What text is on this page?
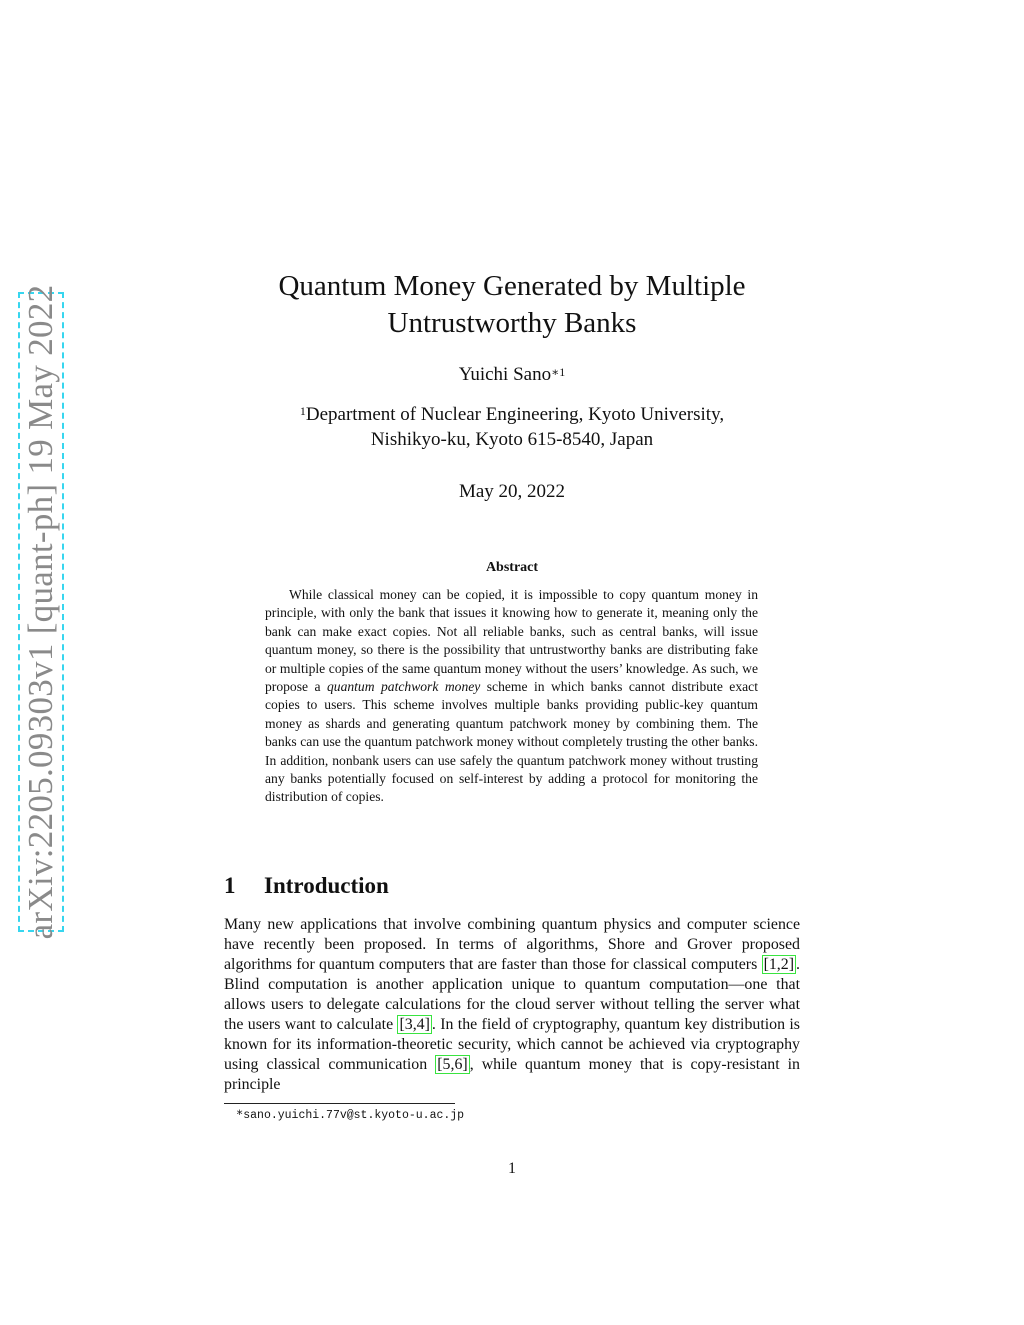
arXiv:2205.09303v1 [quant-ph] 19 May 2022	Quantum Money Generated by Multiple
Untrustworthy Banks
Yuichi Sano$^{∗1}$
$^1$Department of Nuclear Engineering, Kyoto University,
Nishikyo-ku, Kyoto 615-8540, Japan
May 20, 2022
Abstract
While classical money can be copied, it is impossible to copy quantum money in principle, with only the bank that issues it knowing how to generate it, meaning only the bank can make exact copies. Not all reliable banks, such as central banks, will issue quantum money, so there is the possibility that untrustworthy banks are distributing fake or multiple copies of the same quantum money without the users’ knowledge. As such, we propose a quantum patchwork money scheme in which banks cannot distribute exact copies to users. This scheme involves multiple banks providing public-key quantum money as shards and generating quantum patchwork money by combining them. The banks can use the quantum patchwork money without completely trusting the other banks. In addition, nonbank users can use safely the quantum patchwork money without trusting any banks potentially focused on self-interest by adding a protocol for monitoring the distribution of copies.
1 Introduction
Many new applications that involve combining quantum physics and computer science have recently been proposed. In terms of algorithms, Shore and Grover proposed algorithms for quantum computers that are faster than those for classical computers [1,2] . Blind computation is another application unique to quantum computation—one that allows users to delegate calculations for the cloud server without telling the server what the users want to calculate [3,4] . In the field of cryptography, quantum key distribution is known for its information-theoretic security, which cannot be achieved via cryptography using classical communication [5,6] , while quantum money that is copy-resistant in principle
∗sano.yuichi.77v@st.kyoto-u.ac.jp
1
